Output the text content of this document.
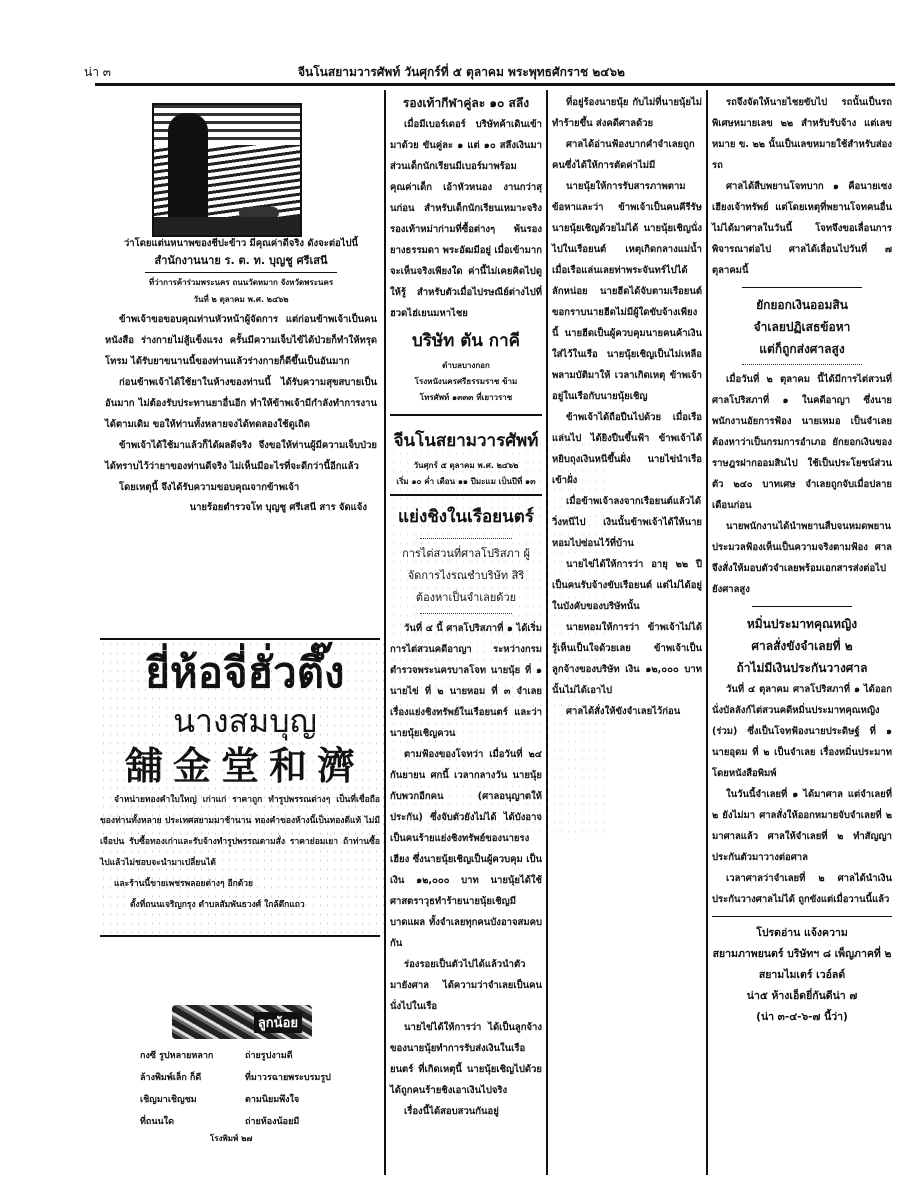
น่า ๓	จีนโนสยามวารศัพท์ วันศุกร์ที่ ๕ ตุลาคม พระพุทธศักราช ๒๔๖๒
ว่าโดยแต่นหนาพของชีปะข้าว มีคุณค่าดีจริง ดังจะต่อไปนี้
สำนักงานนาย ร. ต. ท. บุญชู ศรีเสนี
ที่ว่าการค้าร่วมพระนคร ถนนวัดหมาก จังหวัดพระนคร
วันที่ ๒ ตุลาคม พ.ศ. ๒๔๖๒

ข้าพเจ้าขอขอบคุณท่านหัวหน้าผู้จัดการ แต่ก่อนข้าพเจ้าเป็นคนหนังสือ ร่างกายไม่สู้แข็งแรง ครั้นมีความเจ็บไข้ได้ป่วยก็ทำให้ทรุดโทรม ได้รับยาขนานนี้ของท่านแล้วร่างกายก็ดีขึ้นเป็นอันมาก

ก่อนข้าพเจ้าได้ใช้ยาในห้างของท่านนี้ ได้รับความสุขสบายเป็นอันมาก ไม่ต้องรับประทานยาอื่นอีก ทำให้ข้าพเจ้ามีกำลังทำการงานได้ตามเดิม ขอให้ท่านทั้งหลายจงได้ทดลองใช้ดูเถิด

ข้าพเจ้าได้ใช้มาแล้วก็ได้ผลดีจริง จึงขอให้ท่านผู้มีความเจ็บป่วยได้ทราบไว้ว่ายาของท่านดีจริง ไม่เห็นมีอะไรที่จะดีกว่านี้อีกแล้ว

โดยเหตุนี้ จึงได้รับความขอบคุณจากข้าพเจ้า

นายร้อยตำรวจโท บุญชู ศรีเสนี สาร จัดแจ้ง
ยี่ห้อจี่ฮั่วตึ๊ง
นางสมบุญ
舖金堂和濟

จำหน่ายทองคำใบใหญ่ เก่าแก่ ราคาถูก ทำรูปพรรณต่างๆ เป็นที่เชื่อถือของท่านทั้งหลาย ประเทศสยามมาช้านาน ทองคำของห้างนี้เป็นทองดีแท้ ไม่มีเจือปน รับซื้อทองเก่าและรับจ้างทำรูปพรรณตามสั่ง ราคาย่อมเยา ถ้าท่านซื้อไปแล้วไม่ชอบจะนำมาเปลี่ยนได้

และร้านนี้ขายเพชรพลอยต่างๆ อีกด้วย

ตั้งที่ถนนเจริญกรุง ตำบลสัมพันธวงศ์ ใกล้ตึกแถว
ลูกน้อย
กงซี รูปหลายหลาก
ล้างพิมพ์เล็ก ก็ดี
เชิญมาเชิญชม
ที่ถนนใด
ถ่ายรูปงามดี
ที่มาวรฉายพระบรมรูป
ตามนิยมพึงใจ
ถ่ายห้องน้อยมี
โรงพิมพ์ ๒๗
รองเท้ากีฬาคู่ละ ๑๐ สลึง

เมื่อมีเบอร์เดอร์ บริษัทค้าเดินเข้ามาด้วย ขันคู่ละ ๑ แต่ ๑๐ สลึงเงินมา ส่วนเด็กนักเรียนมีเบอร์มาพร้อมคุณค่าเด็ก เอ้าหัวหนอง งานกว่าสุนก่อน สำหรับเด็กนักเรียนเหมาะจริง รองเท้าหม่าก่ามที่ซื้อต่างๆ พ้นรองยางธรรมดา พระอัฒมีอยู่ เมื่อเข้ามาก จะเห็นจริงเพียงใด ค่านี้ไม่เคยคิดไปดูให้รู้ สำหรับตัวเมื่อไปรษณีย์ต่างไปที่ฮวดไฮ่เยนมหาไชย

บริษัท ตัน กาคี
ตำบลบางกอก
โรงหนังนครศรีธรรมราช ข้าม
โทรศัพท์ ๑๓๓๓ ที่เยาวราช
จีนโนสยามวารศัพท์
วันศุกร์ ๕ ตุลาคม พ.ศ. ๒๔๖๒
เริ่ม ๑๐ ค่ำ เดือน ๑๑ ปีมะแม เป็นปีที่ ๑๓
แย่งชิงในเรือยนตร์
การไต่สวนที่ศาลโปริสภา ผู้จัดการไงรณชำบริษัท สิริต้องหาเป็นจำเลยด้วย

วันที่ ๔ นี้ ศาลโปริสภาที่ ๑ ได้เริ่มการไต่สวนคดีอาญา ระหว่างกรมตำรวจพระนครบาลโจท นายนุ้ย ที่ ๑ นายไข่ ที่ ๒ นายหอม ที่ ๓ จำเลย เรื่องแย่งชิงทรัพย์ในเรือยนตร์ และว่านายนุ้ยเชิญควน

ตามฟ้องของโจทว่า เมื่อวันที่ ๒๔ กันยายน ศกนี้ เวลากลางวัน นายนุ้ยกับพวกอีกคน (ศาลอนุญาตให้ประกัน) ซึ่งจับตัวยังไม่ได้ ได้บังอาจเป็นคนร้ายแย่งชิงทรัพย์ของนายรงเฮียง ซึ่งนายนุ้ยเชิญเป็นผู้ควบคุม เป็นเงิน ๑๒,๐๐๐ บาท นายนุ้ยได้ใช้ศาสตราวุธทำร้ายนายนุ้ยเชิญมีบาดแผล ทั้งจำเลยทุกคนบังอาจสมคบกัน

ร่องรอยเป็นตัวไปได้แล้วนำตัวมายังศาล ได้ความว่าจำเลยเป็นคนนั่งไปในเรือ

นายไข่ได้ให้การว่า ได้เป็นลูกจ้างของนายนุ้ยทำการรับส่งเงินในเรือยนตร์ ที่เกิดเหตุนี้ นายนุ้ยเชิญไปด้วย ได้ถูกคนร้ายชิงเอาเงินไปจริง

เรื่องนี้ได้สอบสวนกันอยู่

ที่อยู่ร้องนายนุ้ย กับไม่ที่นายนุ้ยไม่ทำร้ายขึ้น ส่งคดีศาลด้วย

ศาลได้อ่านฟ้องบากคำจำเลยถูกคนซึ่งได้ให้การตัดค่าไม่มี

นายนุ้ยให้การรับสารภาพตามข้อหาและว่า ข้าพเจ้าเป็นคนคีรีรัษนายนุ้ยเชิญด้วยไม่ได้ นายนุ้ยเชิญนั่งไปในเรือยนต์ เหตุเกิดกลางแม่น้ำ เมื่อเรือแล่นเลยท่าพระจันทร์ไปได้ ลักหน่อย นายฮีดได้จับตามเรือยนต์ ขอกราบนายฮีดไม่มีผู้ใดขับจ้างเพียงนี้ นายฮีดเป็นผู้ควบคุมนายคนค้าเงินใส่ไว้ในเรือ นายนุ้ยเชิญเป็นไม่เหลือพลามบัติมาให้ เวลาเกิดเหตุ ข้าพเจ้าอยู่ในเรือกับนายนุ้ยเชิญ

ข้าพเจ้าได้ถือปืนไปด้วย เมื่อเรือแล่นไป ได้ยิงปืนขึ้นฟ้า ข้าพเจ้าได้หยิบถุงเงินหนีขึ้นฝั่ง นายไข่นำเรือเข้าฝั่ง

เมื่อข้าพเจ้าลงจากเรือยนต์แล้วได้วิ่งหนีไป เงินนั้นข้าพเจ้าได้ให้นายหอมไปซ่อนไว้ที่บ้าน

นายไข่ได้ให้การว่า อายุ ๒๒ ปี เป็นคนรับจ้างขับเรือยนต์ แต่ไม่ได้อยู่ในบังคับของบริษัทนั้น

นายหอมให้การว่า ข้าพเจ้าไม่ได้รู้เห็นเป็นใจด้วยเลย ข้าพเจ้าเป็นลูกจ้างของบริษัท เงิน ๑๒,๐๐๐ บาทนั้นไม่ได้เอาไป

ศาลได้สั่งให้ขังจำเลยไว้ก่อน

รถจึงจัดให้นายไชยขับไป รถนั้นเป็นรถพิเศษหมายเลข ๒๒ สำหรับรับจ้าง แต่เลขหมาย ข. ๒๒ นั้นเป็นเลขหมายใช้สำหรับส่องรถ

ศาลได้สืบพยานโจทบาก ๑ คือนายเซงเฮียงเจ้าทรัพย์ แต่โดยเหตุที่พยานโจทคนอื่นไม่ได้มาศาลในวันนี้ โจทจึงขอเลื่อนการพิจารณาต่อไป ศาลได้เลื่อนไปวันที่ ๗ ตุลาคมนี้

ยักยอกเงินออมสิน
จำเลยปฏิเสธข้อหา
แต่ก็ถูกส่งศาลสูง

เมื่อวันที่ ๒ ตุลาคม นี้ได้มีการไต่สวนที่ศาลโปริสภาที่ ๑ ในคดีอาญา ซึ่งนายพนักงานอัยการฟ้อง นายเหมอ เป็นจำเลย ต้องหาว่าเป็นกรมการอำเภอ ยักยอกเงินของราษฎรฝากออมสินไป ใช้เป็นประโยชน์ส่วนตัว ๒๔๐ บาทเศษ จำเลยถูกจับเมื่อปลายเดือนก่อน

นายพนักงานได้นำพยานสืบจนหมดพยาน ประมวลฟ้องเห็นเป็นความจริงตามฟ้อง ศาลจึงสั่งให้มอบตัวจำเลยพร้อมเอกสารส่งต่อไปยังศาลสูง

หมิ่นประมาทคุณหญิง
ศาลสั่งขังจำเลยที่ ๒
ถ้าไม่มีเงินประกันวางศาล

วันที่ ๔ ตุลาคม ศาลโปริสภาที่ ๑ ได้ออกนั่งบัลลังก์ไต่สวนคดีหมิ่นประมาทคุณหญิง (ร่วม) ซึ่งเป็นโจทฟ้องนายประดิษฐ์ ที่ ๑ นายอุดม ที่ ๒ เป็นจำเลย เรื่องหมิ่นประมาทโดยหนังสือพิมพ์

ในวันนี้จำเลยที่ ๑ ได้มาศาล แต่จำเลยที่ ๒ ยังไม่มา ศาลสั่งให้ออกหมายจับจำเลยที่ ๒ มาศาลแล้ว ศาลให้จำเลยที่ ๒ ทำสัญญาประกันตัวมาวางต่อศาล

เวลาศาลว่าจำเลยที่ ๒ ศาลได้นำเงินประกันวางศาลไม่ได้ ถูกขังแต่เมื่อวานนี้แล้ว

โปรดอ่าน แจ้งความ
สยามภาพยนตร์ บริษัทฯ ๘ เพ็ญภาคที่ ๒ สยามไมเตร์ เวอ์ลด์
น่า๕ ห้างเอ็ดยี่กันดีน่า ๗
(น่า ๓-๔-๖-๗ นี้ว่า)
